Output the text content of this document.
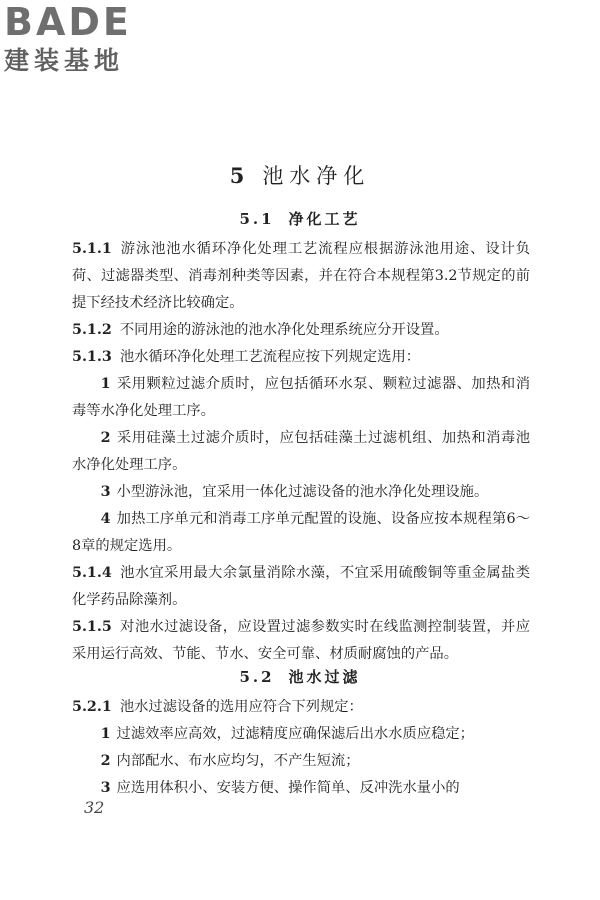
BADE
建装基地
5 池水净化
5.1 净化工艺

5.1.1 游泳池池水循环净化处理工艺流程应根据游泳池用途、设计负荷、过滤器类型、消毒剂种类等因素，并在符合本规程第3.2节规定的前提下经技术经济比较确定。

5.1.2 不同用途的游泳池的池水净化处理系统应分开设置。

5.1.3 池水循环净化处理工艺流程应按下列规定选用：

1 采用颗粒过滤介质时，应包括循环水泵、颗粒过滤器、加热和消毒等水净化处理工序。

2 采用硅藻土过滤介质时，应包括硅藻土过滤机组、加热和消毒池水净化处理工序。

3 小型游泳池，宜采用一体化过滤设备的池水净化处理设施。

4 加热工序单元和消毒工序单元配置的设施、设备应按本规程第6～8章的规定选用。

5.1.4 池水宜采用最大余氯量消除水藻，不宜采用硫酸铜等重金属盐类化学药品除藻剂。

5.1.5 对池水过滤设备，应设置过滤参数实时在线监测控制装置，并应采用运行高效、节能、节水、安全可靠、材质耐腐蚀的产品。

5.2 池水过滤

5.2.1 池水过滤设备的选用应符合下列规定：

1 过滤效率应高效，过滤精度应确保滤后出水水质应稳定；

2 内部配水、布水应均匀，不产生短流；

3 应选用体积小、安装方便、操作简单、反冲洗水量小的

32
